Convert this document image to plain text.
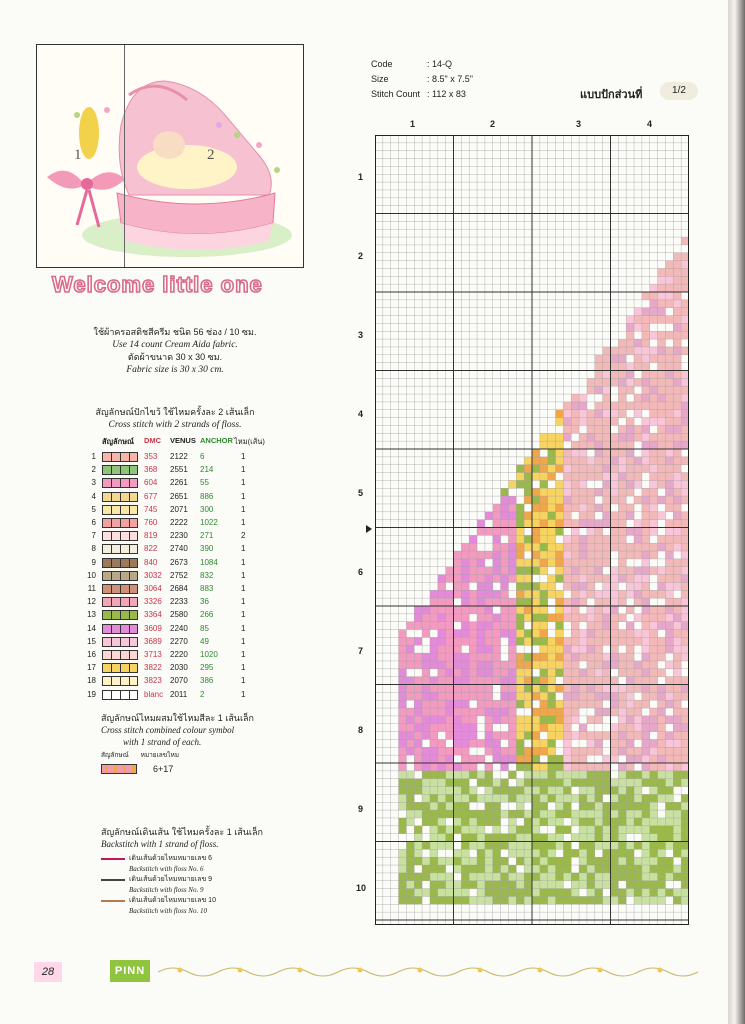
1	2
Welcome little one
ใช้ผ้าครอสติชสีครีม ชนิด 56 ช่อง / 10 ซม.
Use 14 count Cream Aida fabric.
ตัดผ้าขนาด 30 x 30 ซม.
Fabric size is 30 x 30 cm.
สัญลักษณ์ปักไขว้ ใช้ไหมครั้งละ 2 เส้นเล็ก
Cross stitch with 2 strands of floss.
สัญลักษณ์ DMC VENUS ANCHOR ไหม(เส้น)
1	353 2122 6	1
2	368 2551 214	1
3	604 2261 55	1
4	677 2651 886	1
5	745 2071 300	1
6	760 2222 1022	1
7	819 2230 271	2
8	822 2740 390	1
9	840 2673 1084	1
10	3032 2752 832	1
11	3064 2684 883	1
12	3326 2233 36	1
13	3364 2580 266	1
14	3609 2240 85	1
15	3689 2270 49	1
16	3713 2220 1020	1
17	3822 2030 295	1
18	3823 2070 386	1
19	blanc 2011 2	1
สัญลักษณ์ไหมผสมใช้ไหมสีละ 1 เส้นเล็ก
Cross stitch combined colour symbol
with 1 strand of each.
สัญลักษณ์ หมายเลขไหม
6+17
สัญลักษณ์เดินเส้น ใช้ไหมครั้งละ 1 เส้นเล็ก
Backstitch with 1 strand of floss.
เดินเส้นด้วยไหมหมายเลข 6
Backstitch with floss No. 6
เดินเส้นด้วยไหมหมายเลข 9
Backstitch with floss No. 9
เดินเส้นด้วยไหมหมายเลข 10
Backstitch with floss No. 10
Code	: 14-Q
Size	: 8.5" x 7.5"
Stitch Count : 112 x 83	แบบปักส่วนที่	1/2
1	2	3	4
1
2
3
4
5
6
7
8
9
10
28	PINN
